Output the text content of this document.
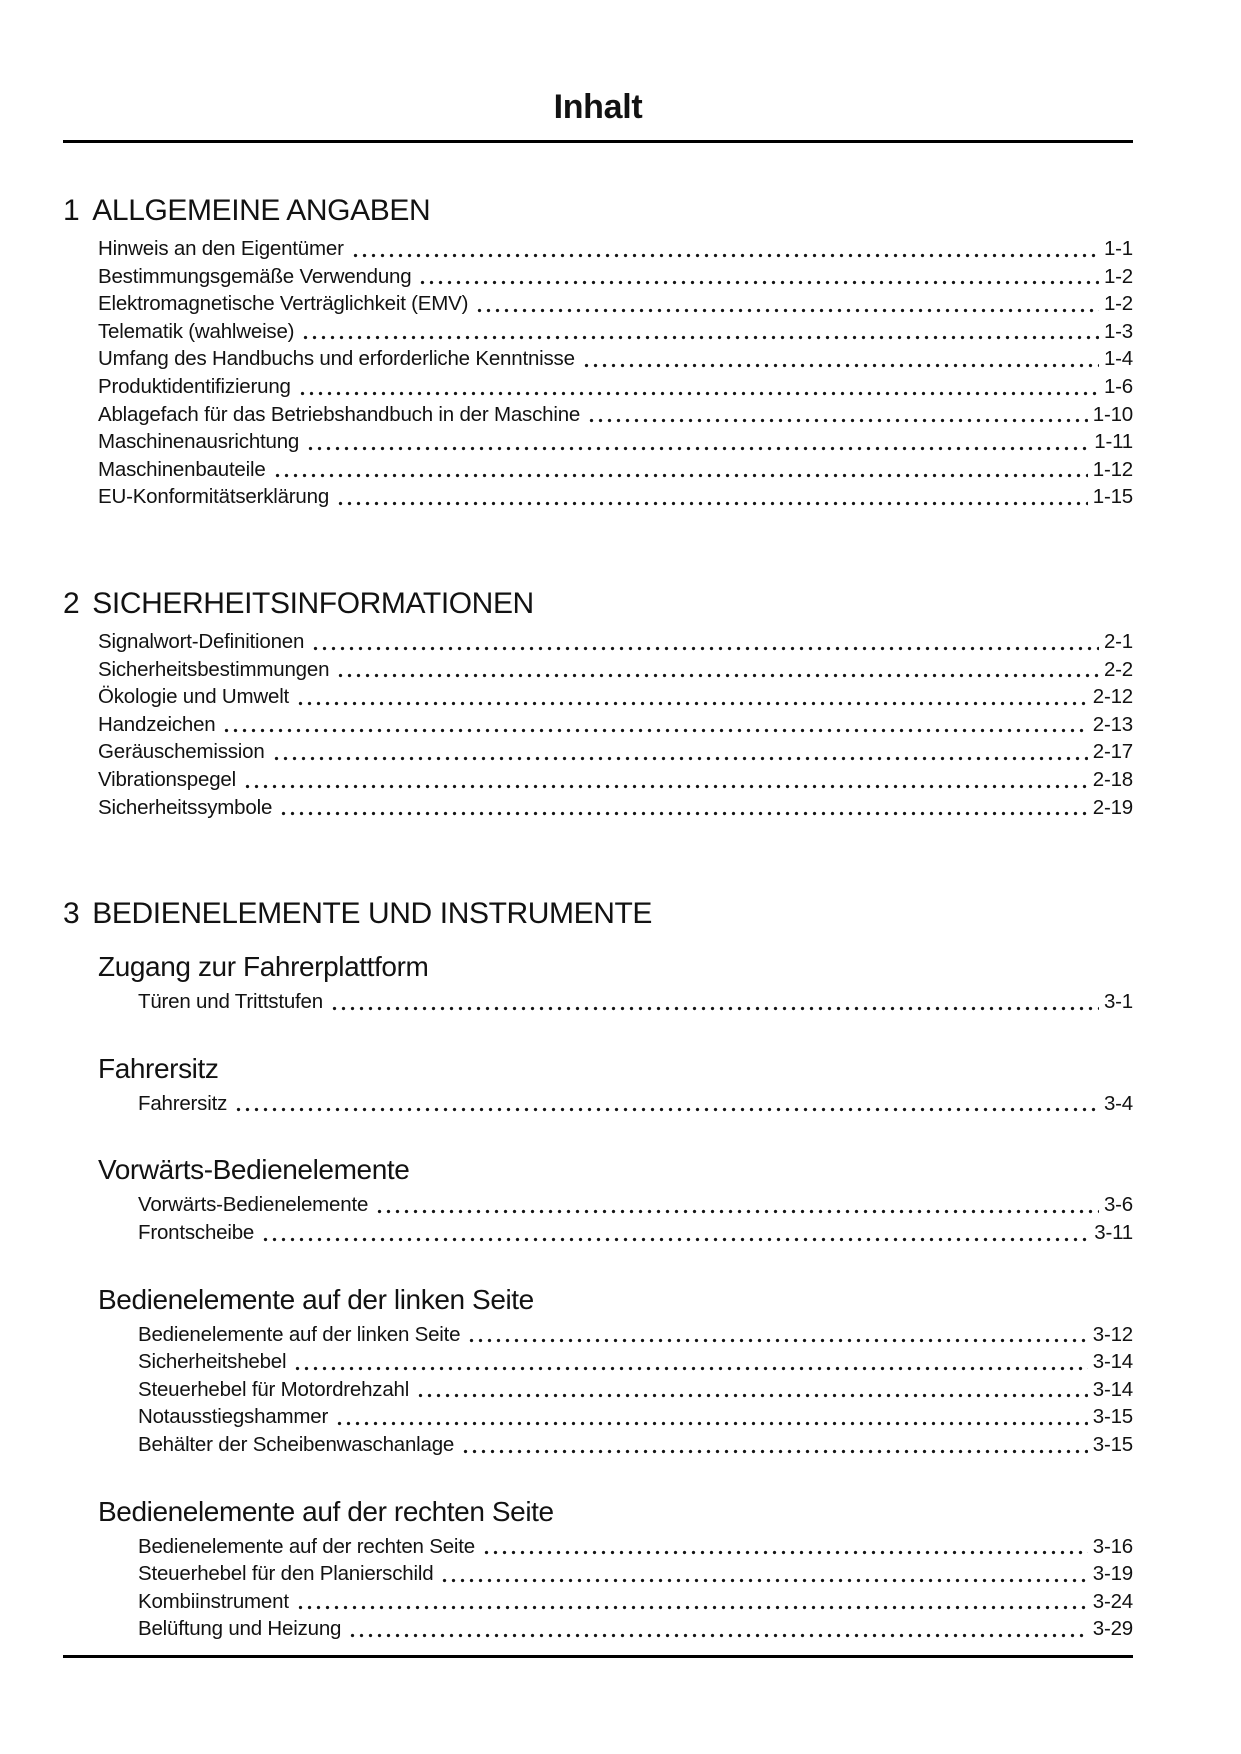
Inhalt
1 ALLGEMEINE ANGABEN
Hinweis an den Eigentümer	1-1
Bestimmungsgemäße Verwendung	1-2
Elektromagnetische Verträglichkeit (EMV)	1-2
Telematik (wahlweise)	1-3
Umfang des Handbuchs und erforderliche Kenntnisse	1-4
Produktidentifizierung	1-6
Ablagefach für das Betriebshandbuch in der Maschine	1-10
Maschinenausrichtung	1-11
Maschinenbauteile	1-12
EU-Konformitätserklärung	1-15
2 SICHERHEITSINFORMATIONEN
Signalwort-Definitionen	2-1
Sicherheitsbestimmungen	2-2
Ökologie und Umwelt	2-12
Handzeichen	2-13
Geräuschemission	2-17
Vibrationspegel	2-18
Sicherheitssymbole	2-19
3 BEDIENELEMENTE UND INSTRUMENTE
Zugang zur Fahrerplattform
Türen und Trittstufen	3-1
Fahrersitz
Fahrersitz	3-4
Vorwärts-Bedienelemente
Vorwärts-Bedienelemente	3-6
Frontscheibe	3-11
Bedienelemente auf der linken Seite
Bedienelemente auf der linken Seite	3-12
Sicherheitshebel	3-14
Steuerhebel für Motordrehzahl	3-14
Notausstiegshammer	3-15
Behälter der Scheibenwaschanlage	3-15
Bedienelemente auf der rechten Seite
Bedienelemente auf der rechten Seite	3-16
Steuerhebel für den Planierschild	3-19
Kombiinstrument	3-24
Belüftung und Heizung	3-29
